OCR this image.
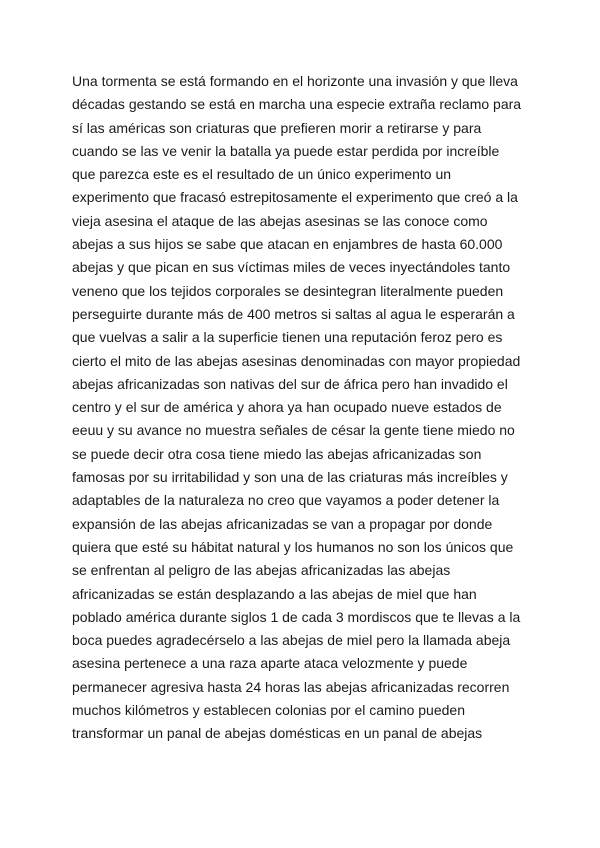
Una tormenta se está formando en el horizonte una invasión y que lleva
décadas gestando se está en marcha una especie extraña reclamo para
sí las américas son criaturas que prefieren morir a retirarse y para
cuando se las ve venir la batalla ya puede estar perdida por increíble
que parezca este es el resultado de un único experimento un
experimento que fracasó estrepitosamente el experimento que creó a la
vieja asesina el ataque de las abejas asesinas se las conoce como
abejas a sus hijos se sabe que atacan en enjambres de hasta 60.000
abejas y que pican en sus víctimas miles de veces inyectándoles tanto
veneno que los tejidos corporales se desintegran literalmente pueden
perseguirte durante más de 400 metros si saltas al agua le esperarán a
que vuelvas a salir a la superficie tienen una reputación feroz pero es
cierto el mito de las abejas asesinas denominadas con mayor propiedad
abejas africanizadas son nativas del sur de áfrica pero han invadido el
centro y el sur de américa y ahora ya han ocupado nueve estados de
eeuu y su avance no muestra señales de césar la gente tiene miedo no
se puede decir otra cosa tiene miedo las abejas africanizadas son
famosas por su irritabilidad y son una de las criaturas más increíbles y
adaptables de la naturaleza no creo que vayamos a poder detener la
expansión de las abejas africanizadas se van a propagar por donde
quiera que esté su hábitat natural y los humanos no son los únicos que
se enfrentan al peligro de las abejas africanizadas las abejas
africanizadas se están desplazando a las abejas de miel que han
poblado américa durante siglos 1 de cada 3 mordiscos que te llevas a la
boca puedes agradecérselo a las abejas de miel pero la llamada abeja
asesina pertenece a una raza aparte ataca velozmente y puede
permanecer agresiva hasta 24 horas las abejas africanizadas recorren
muchos kilómetros y establecen colonias por el camino pueden
transformar un panal de abejas domésticas en un panal de abejas
